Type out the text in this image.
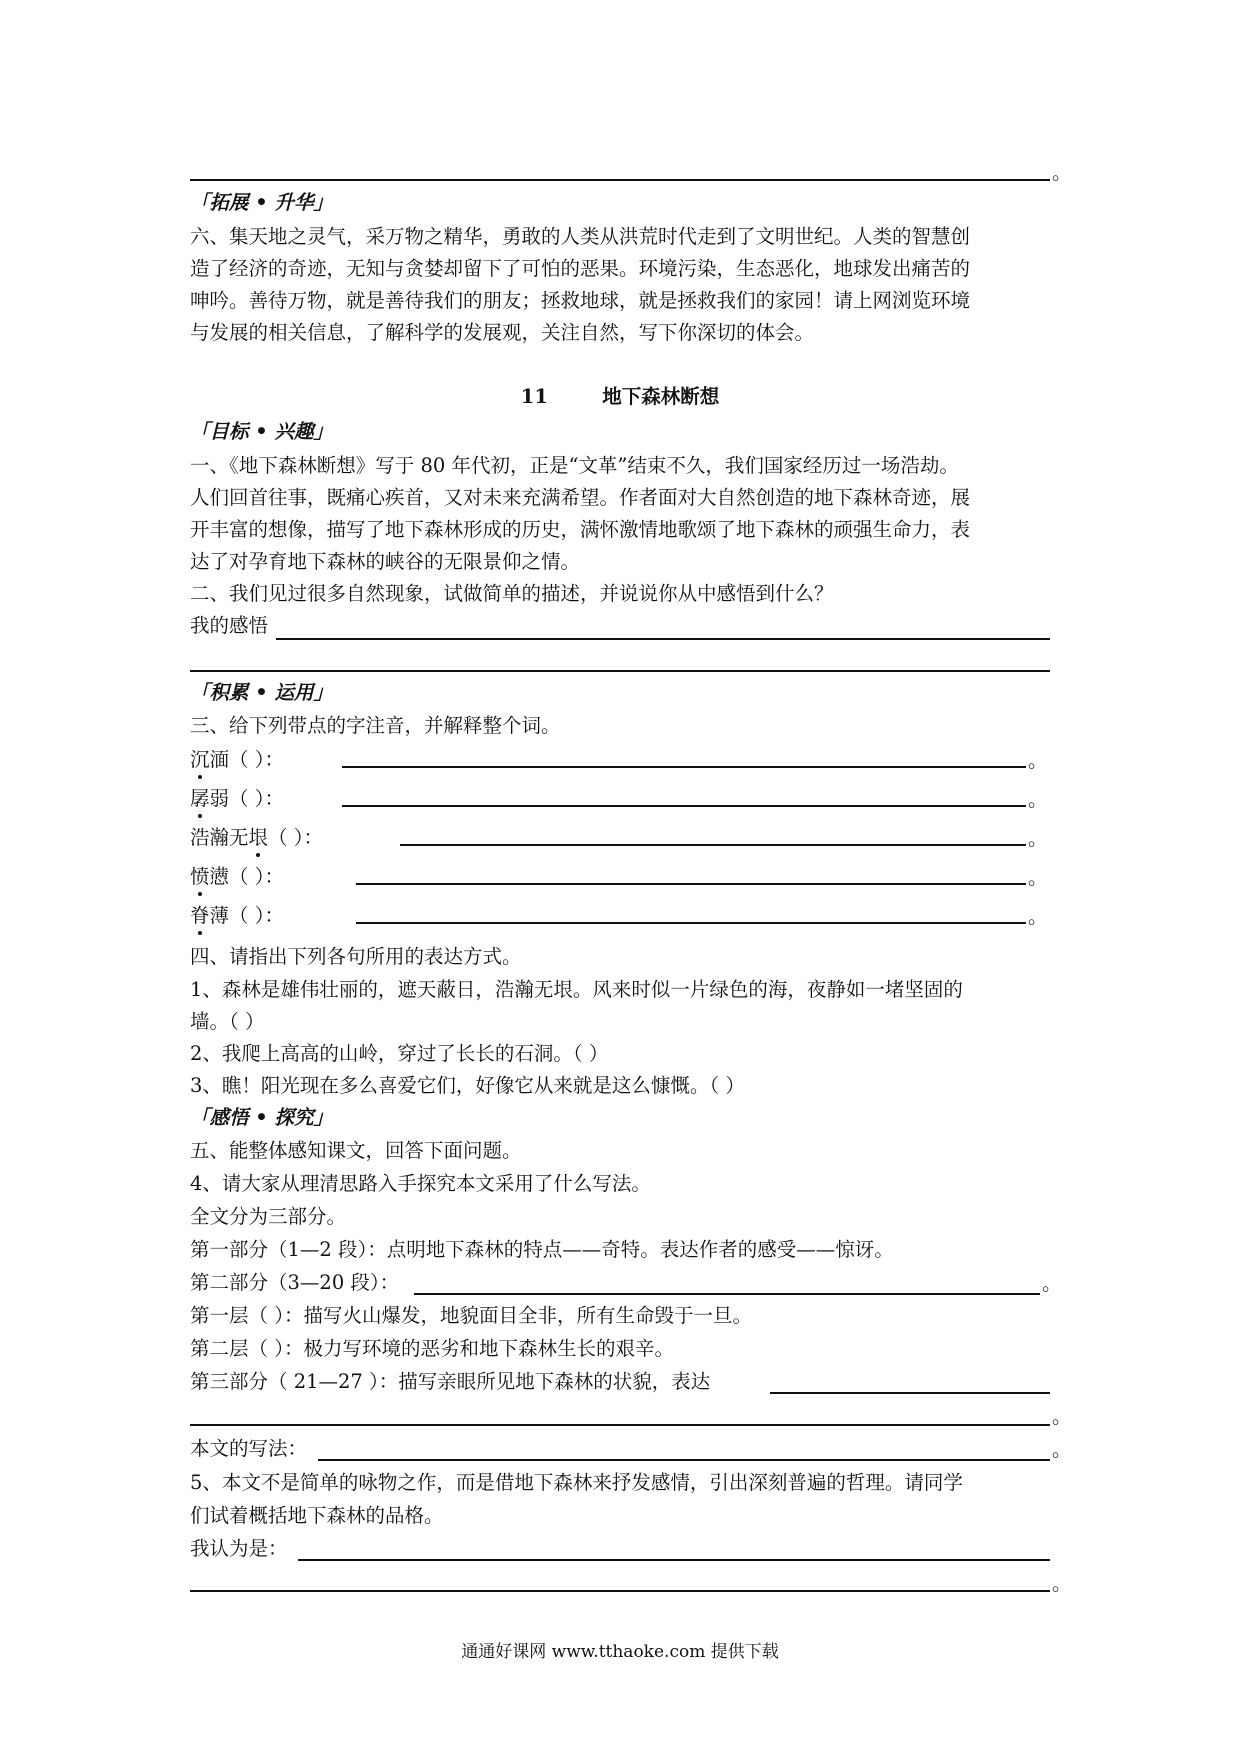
。
「拓展 • 升华」
六、集天地之灵气，采万物之精华，勇敢的人类从洪荒时代走到了文明世纪。人类的智慧创
造了经济的奇迹，无知与贪婪却留下了可怕的恶果。环境污染，生态恶化，地球发出痛苦的
呻吟。善待万物，就是善待我们的朋友；拯救地球，就是拯救我们的家园！请上网浏览环境
与发展的相关信息，了解科学的发展观，关注自然，写下你深切的体会。
11        地下森林断想
「目标 • 兴趣」
一、《地下森林断想》写于 80 年代初，正是“文革”结束不久，我们国家经历过一场浩劫。
人们回首往事，既痛心疾首，又对未来充满希望。作者面对大自然创造的地下森林奇迹，展
开丰富的想像，描写了地下森林形成的历史，满怀激情地歌颂了地下森林的顽强生命力，表
达了对孕育地下森林的峡谷的无限景仰之情。
二、我们见过很多自然现象，试做简单的描述，并说说你从中感悟到什么？
我的感悟
「积累 • 运用」
三、给下列带点的字注音，并解释整个词。
沉湎（ ）：	。
孱弱（ ）：	。
浩瀚无垠（ ）：	。
愤懑（ ）：	。
脊薄（ ）：	。
四、请指出下列各句所用的表达方式。
1、森林是雄伟壮丽的，遮天蔽日，浩瀚无垠。风来时似一片绿色的海，夜静如一堵坚固的
墙。（ ）
2、我爬上高高的山岭，穿过了长长的石洞。（ ）
3、瞧！阳光现在多么喜爱它们，好像它从来就是这么慷慨。（ ）
「感悟 • 探究」
五、能整体感知课文，回答下面问题。
4、请大家从理清思路入手探究本文采用了什么写法。
全文分为三部分。
第一部分（1—2 段）：点明地下森林的特点——奇特。表达作者的感受——惊讶。
第二部分（3—20 段）：	。
第一层（ ）：描写火山爆发，地貌面目全非，所有生命毁于一旦。
第二层（ ）：极力写环境的恶劣和地下森林生长的艰辛。
第三部分（ 21—27 ）：描写亲眼所见地下森林的状貌，表达
。
本文的写法：	。
5、本文不是简单的咏物之作，而是借地下森林来抒发感情，引出深刻普遍的哲理。请同学
们试着概括地下森林的品格。
我认为是：
。
通通好课网 www.tthaoke.com 提供下载
